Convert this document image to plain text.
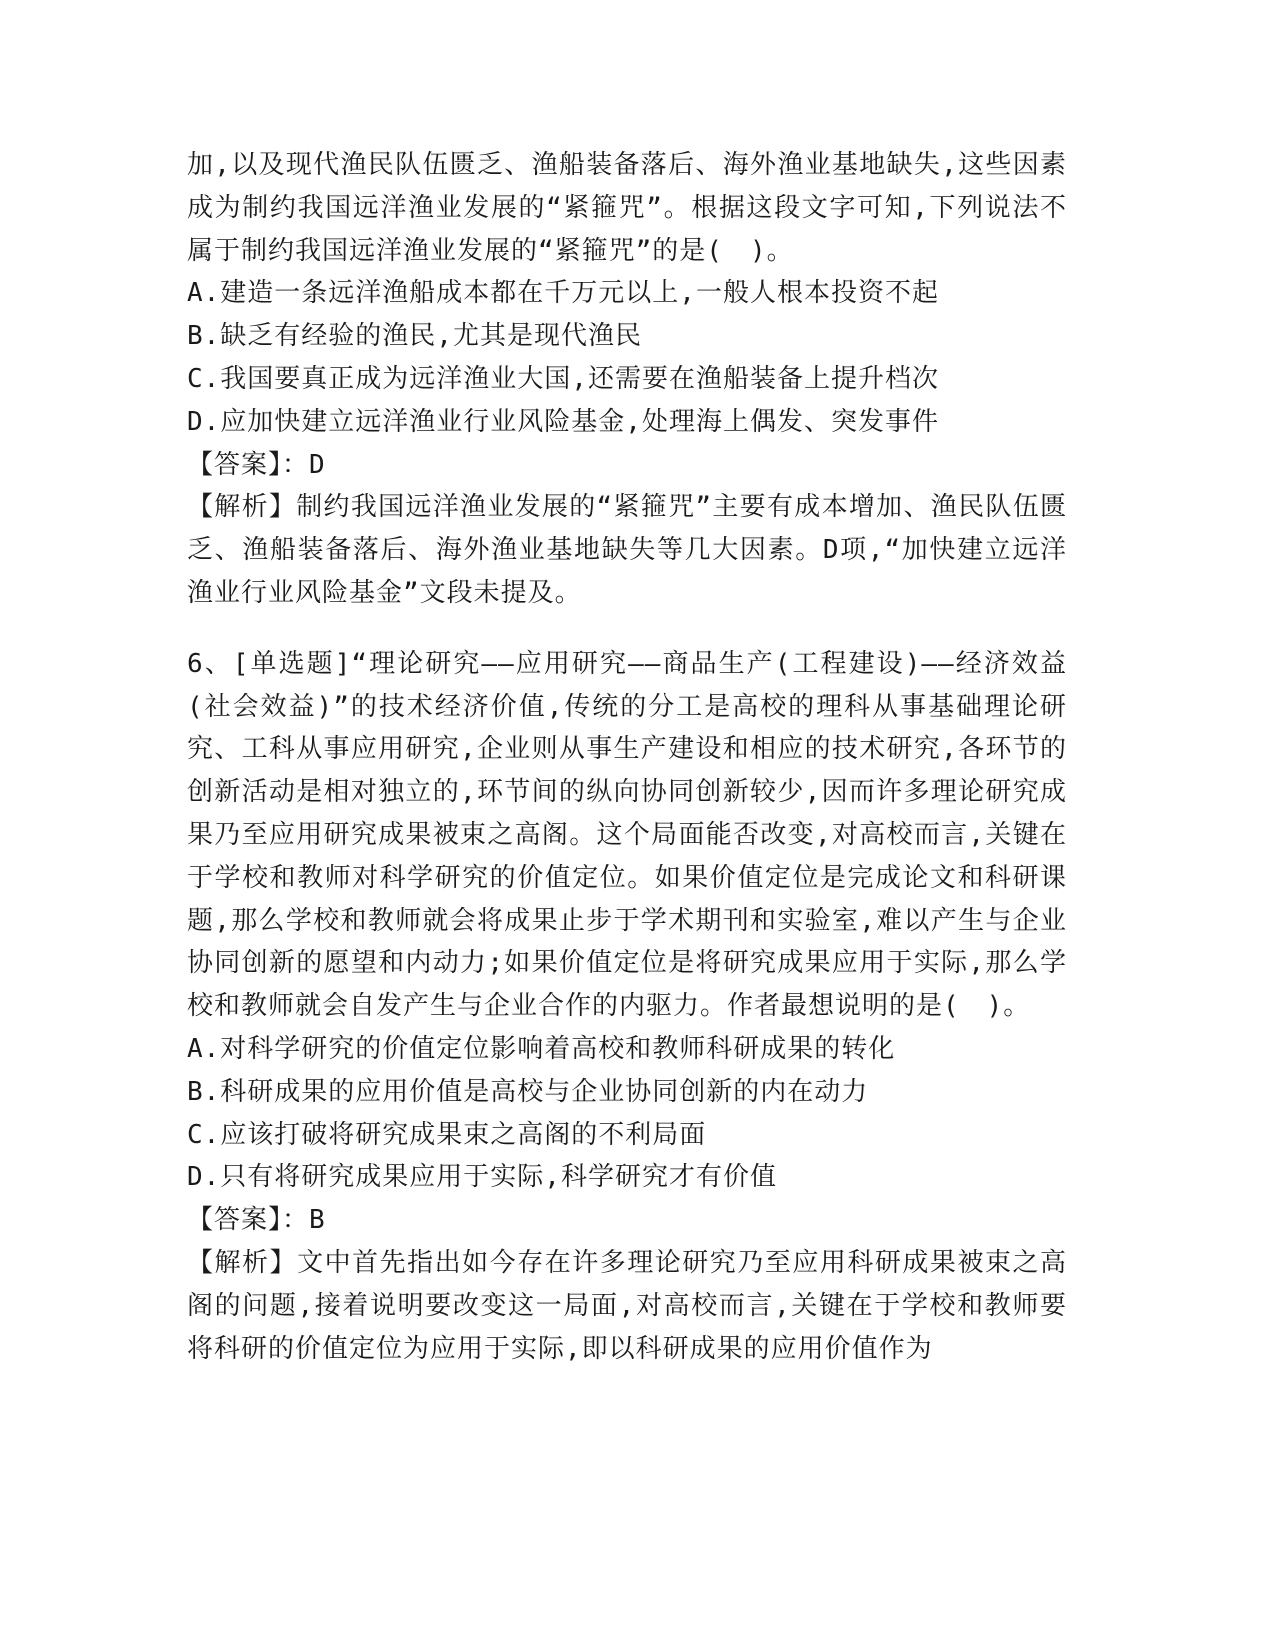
加,以及现代渔民队伍匮乏、渔船装备落后、海外渔业基地缺失,这些因素成为制约我国远洋渔业发展的“紧箍咒”。根据这段文字可知,下列说法不属于制约我国远洋渔业发展的“紧箍咒”的是(　)。
A.建造一条远洋渔船成本都在千万元以上,一般人根本投资不起
B.缺乏有经验的渔民,尤其是现代渔民
C.我国要真正成为远洋渔业大国,还需要在渔船装备上提升档次
D.应加快建立远洋渔业行业风险基金,处理海上偶发、突发事件
【答案】：D
【解析】制约我国远洋渔业发展的“紧箍咒”主要有成本增加、渔民队伍匮乏、渔船装备落后、海外渔业基地缺失等几大因素。D项,“加快建立远洋渔业行业风险基金”文段未提及。
6、[单选题]“理论研究——应用研究——商品生产(工程建设)——经济效益(社会效益)”的技术经济价值,传统的分工是高校的理科从事基础理论研究、工科从事应用研究,企业则从事生产建设和相应的技术研究,各环节的创新活动是相对独立的,环节间的纵向协同创新较少,因而许多理论研究成果乃至应用研究成果被束之高阁。这个局面能否改变,对高校而言,关键在于学校和教师对科学研究的价值定位。如果价值定位是完成论文和科研课题,那么学校和教师就会将成果止步于学术期刊和实验室,难以产生与企业协同创新的愿望和内动力;如果价值定位是将研究成果应用于实际,那么学校和教师就会自发产生与企业合作的内驱力。作者最想说明的是(　)。
A.对科学研究的价值定位影响着高校和教师科研成果的转化
B.科研成果的应用价值是高校与企业协同创新的内在动力
C.应该打破将研究成果束之高阁的不利局面
D.只有将研究成果应用于实际,科学研究才有价值
【答案】：B
【解析】文中首先指出如今存在许多理论研究乃至应用科研成果被束之高阁的问题,接着说明要改变这一局面,对高校而言,关键在于学校和教师要将科研的价值定位为应用于实际,即以科研成果的应用价值作为
